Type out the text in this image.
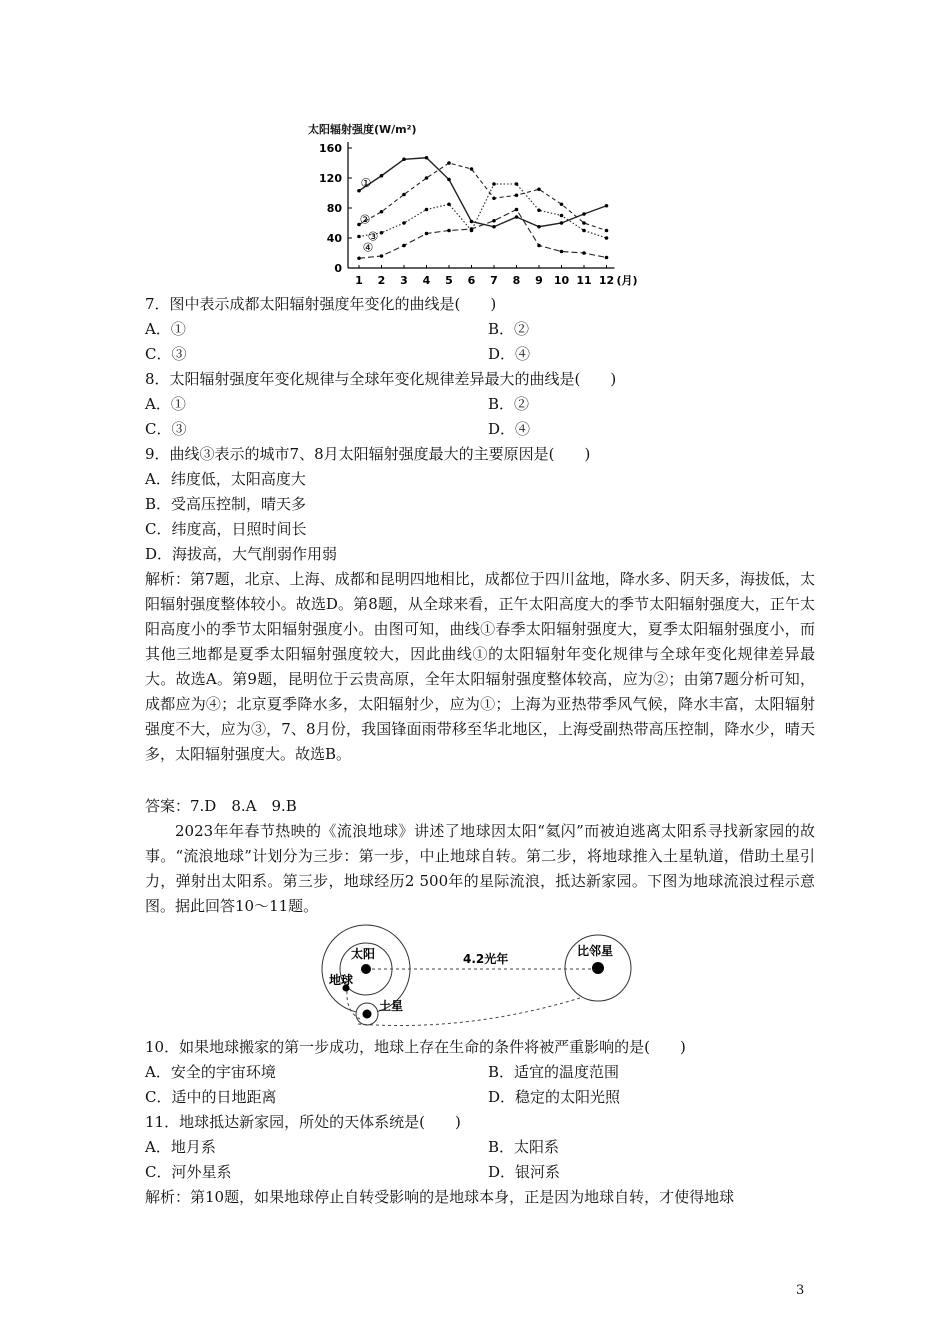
太阳辐射强度(W/m²)
0
40
80
120
160
1 2 3 4 5 6 7 8 9 10 11 12 (月)
①
②
③
④
7．图中表示成都太阳辐射强度年变化的曲线是(　　)
A．①	B．②
C．③	D．④
8．太阳辐射强度年变化规律与全球年变化规律差异最大的曲线是(　　)
A．①	B．②
C．③	D．④
9．曲线③表示的城市7、8月太阳辐射强度最大的主要原因是(　　)
A．纬度低，太阳高度大
B．受高压控制，晴天多
C．纬度高，日照时间长
D．海拔高，大气削弱作用弱
解析：第7题，北京、上海、成都和昆明四地相比，成都位于四川盆地，降水多、阴天多，海拔低，太阳辐射强度整体较小。故选D。第8题，从全球来看，正午太阳高度大的季节太阳辐射强度大，正午太阳高度小的季节太阳辐射强度小。由图可知，曲线①春季太阳辐射强度大，夏季太阳辐射强度小，而其他三地都是夏季太阳辐射强度较大，因此曲线①的太阳辐射年变化规律与全球年变化规律差异最大。故选A。第9题，昆明位于云贵高原，全年太阳辐射强度整体较高，应为②；由第7题分析可知，成都应为④；北京夏季降水多，太阳辐射少，应为①；上海为亚热带季风气候，降水丰富，太阳辐射强度不大，应为③，7、8月份，我国锋面雨带移至华北地区，上海受副热带高压控制，降水少，晴天多，太阳辐射强度大。故选B。
答案：7.D　8.A　9.B
2023年年春节热映的《流浪地球》讲述了地球因太阳“氦闪”而被迫逃离太阳系寻找新家园的故事。“流浪地球”计划分为三步：第一步，中止地球自转。第二步，将地球推入土星轨道，借助土星引力，弹射出太阳系。第三步，地球经历2 500年的星际流浪，抵达新家园。下图为地球流浪过程示意图。据此回答10～11题。
太阳
地球
土星
比邻星
4.2光年
10．如果地球搬家的第一步成功，地球上存在生命的条件将被严重影响的是(　　)
A．安全的宇宙环境	B．适宜的温度范围
C．适中的日地距离	D．稳定的太阳光照
11．地球抵达新家园，所处的天体系统是(　　)
A．地月系	B．太阳系
C．河外星系	D．银河系
解析：第10题，如果地球停止自转受影响的是地球本身，正是因为地球自转，才使得地球
3
